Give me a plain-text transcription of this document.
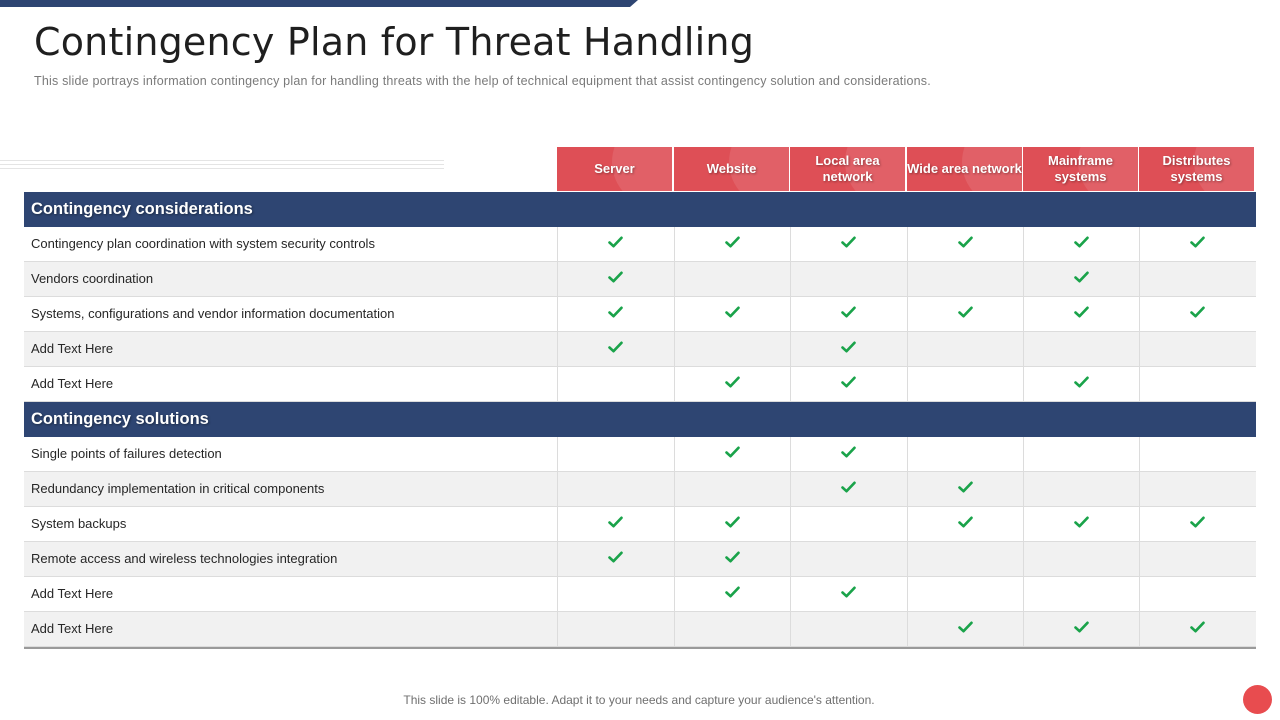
Contingency Plan for Threat Handling

This slide portrays information contingency plan for handling threats with the help of technical equipment that assist contingency solution and considerations.

Server	Website
Local area network
Wide area network
Mainframe systems
Distributes systems
Contingency considerations
Contingency plan coordination with system security controls
Vendors coordination
Systems, configurations and vendor information documentation
Add Text Here
Add Text Here
Contingency solutions
Single points of failures detection
Redundancy implementation in critical components
System backups
Remote access and wireless technologies integration
Add Text Here
Add Text Here

This slide is 100% editable. Adapt it to your needs and capture your audience's attention.
